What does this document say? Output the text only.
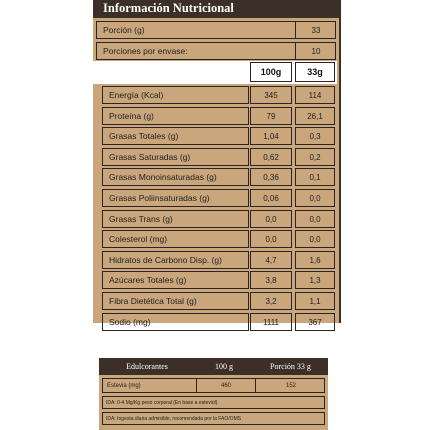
Información Nutricional
Porción (g)	33
Porciones por envase:	10
100g	33g
Energía (Kcal)	345	114
Proteína (g)	79	26,1
Grasas Totales (g)	1,04	0,3
Grasas Saturadas (g)	0,62	0,2
Grasas Monoinsaturadas (g)	0,36	0,1
Grasas Poliinsaturadas (g)	0,06	0,0
Grasas Trans (g)	0,0	0,0
Colesterol (mg)	0,0	0,0
Hidratos de Carbono Disp. (g)	4,7	1,6
Azúcares Totales (g)	3,8	1,3
Fibra Dietética Total (g)	3,2	1,1
Sodio (mg)	1111	367
Edulcorantes	100 g	Porción 33 g
Estevia (mg)	460	152
IDA: 0-4 Mg/Kg peso corporal (En base a esteviol)
IDA: Ingesta diaria admisible, recomendada por la FAO/OMS
